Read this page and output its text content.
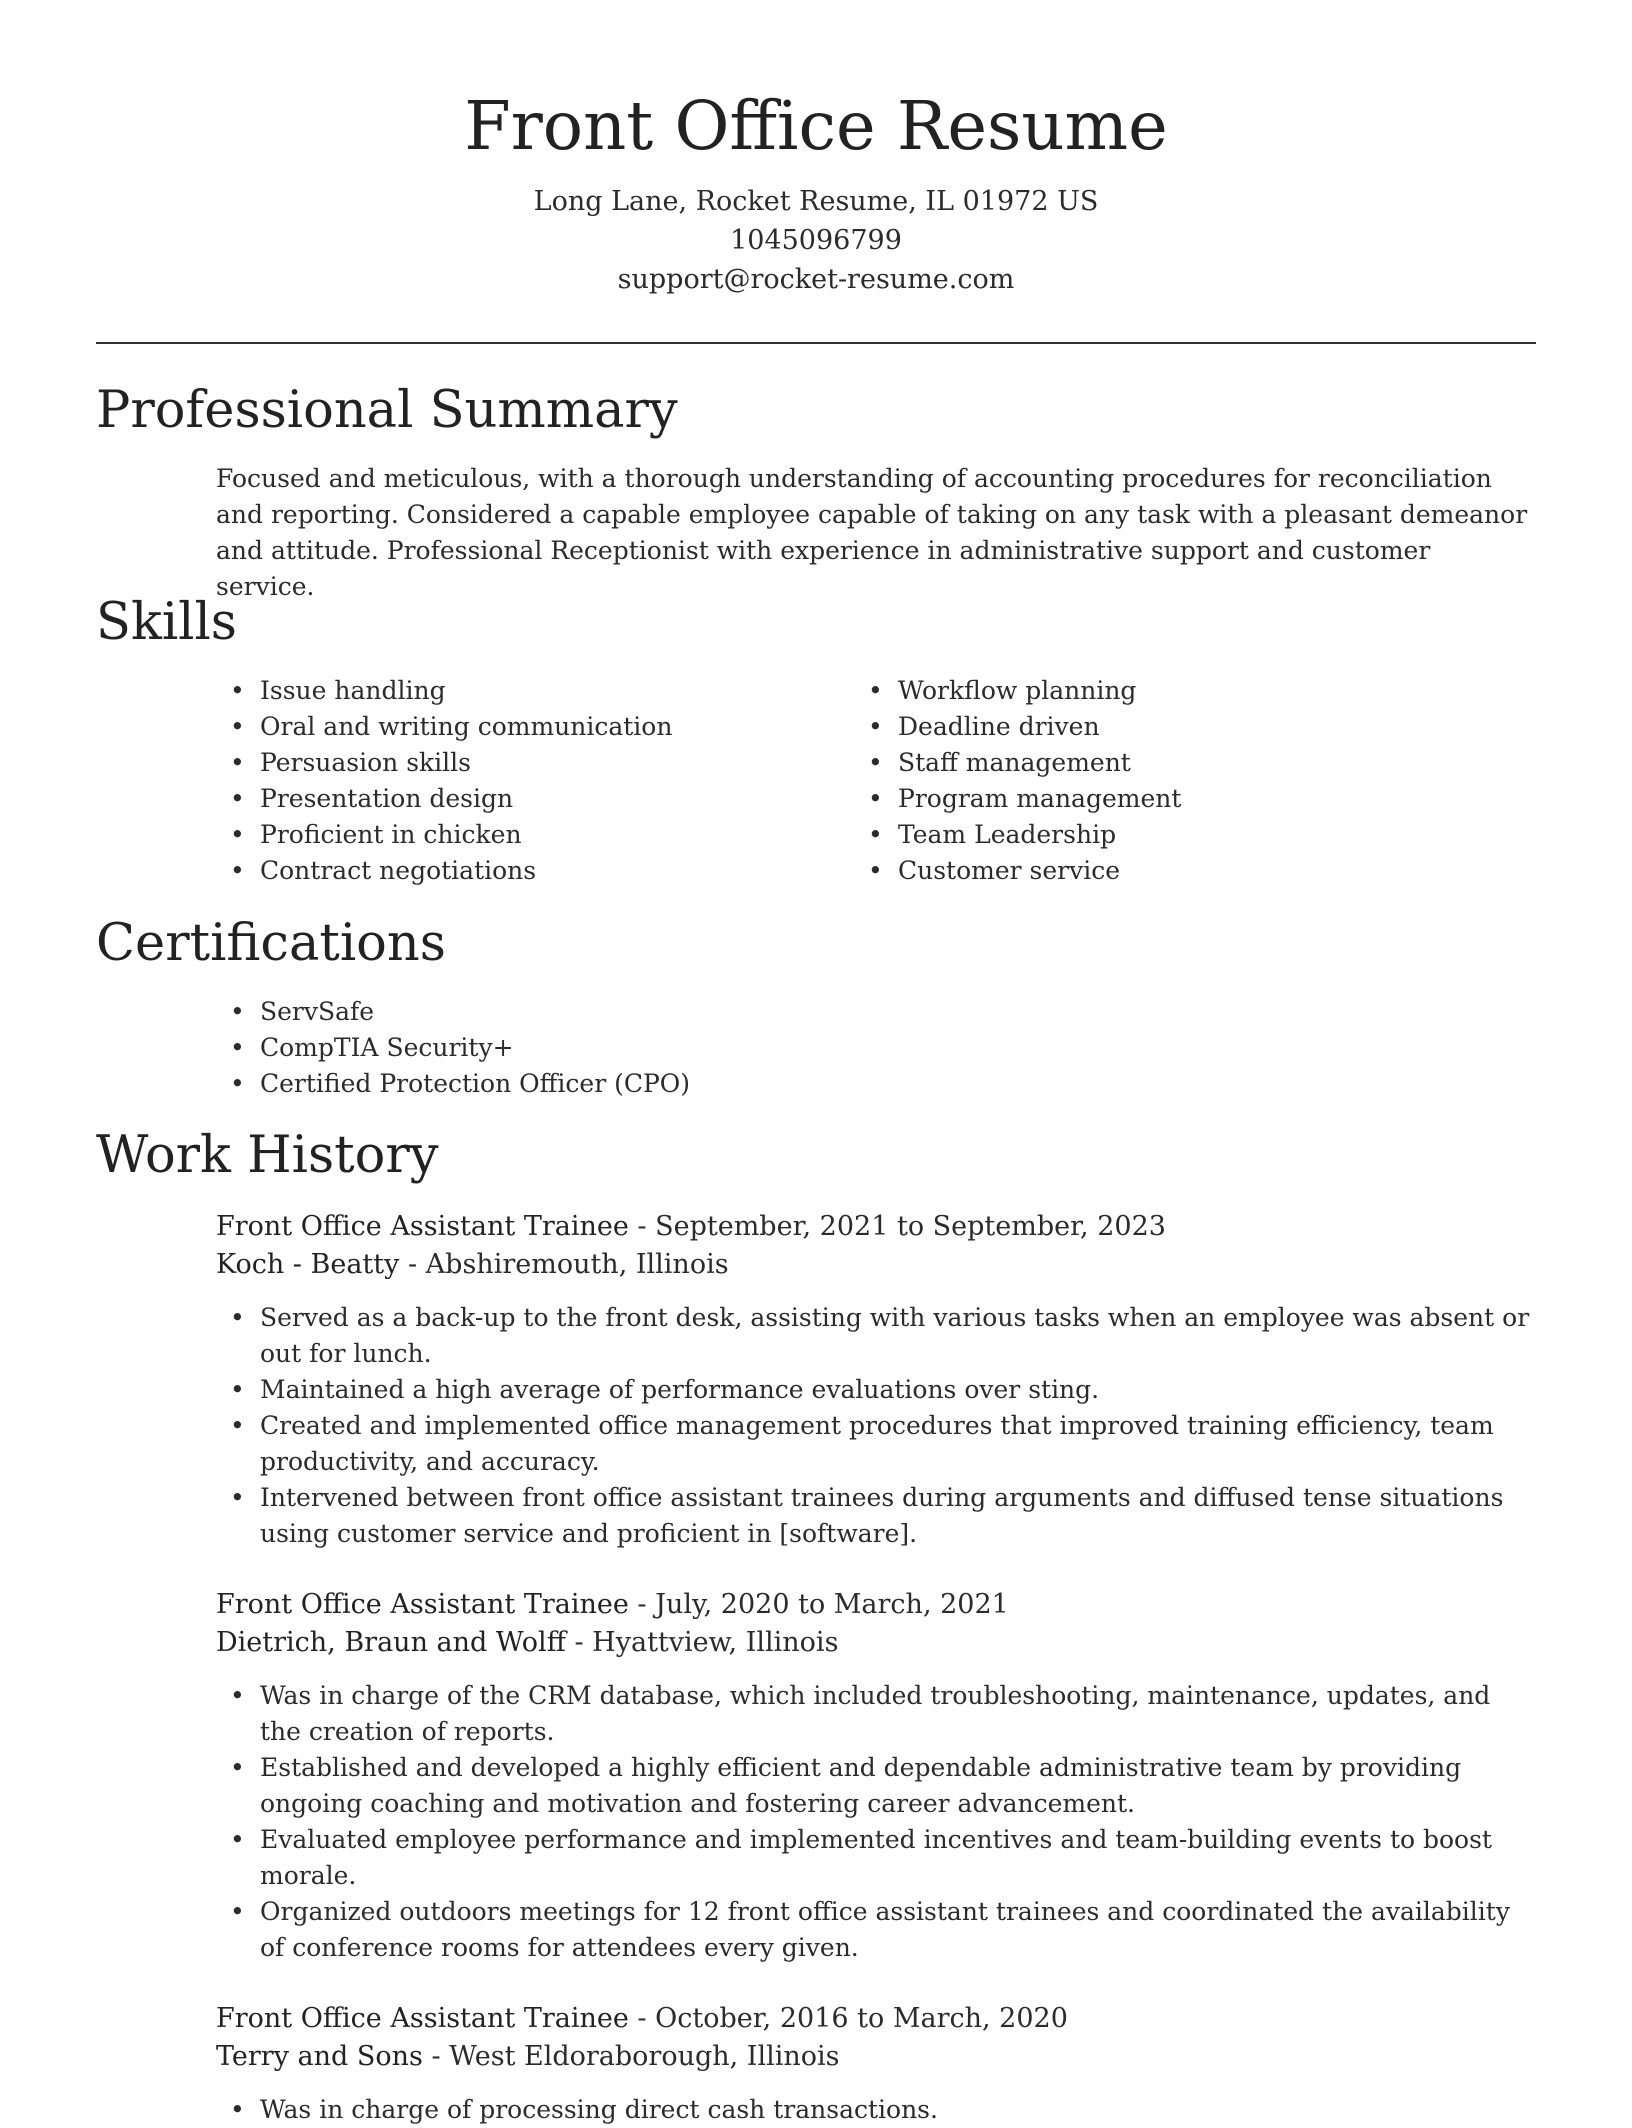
Front Office Resume
Long Lane, Rocket Resume, IL 01972 US
1045096799
support@rocket-resume.com
Professional Summary

Focused and meticulous, with a thorough understanding of accounting procedures for reconciliation and reporting. Considered a capable employee capable of taking on any task with a pleasant demeanor and attitude. Professional Receptionist with experience in administrative support and customer service.

Skills
• Issue handling
• Oral and writing communication
• Persuasion skills
• Presentation design
• Proficient in chicken
• Contract negotiations
• Workflow planning
• Deadline driven
• Staff management
• Program management
• Team Leadership
• Customer service
Certifications
• ServSafe
• CompTIA Security+
• Certified Protection Officer (CPO)
Work History
Front Office Assistant Trainee - September, 2021 to September, 2023
Koch - Beatty - Abshiremouth, Illinois
• Served as a back-up to the front desk, assisting with various tasks when an employee was absent or out for lunch.
• Maintained a high average of performance evaluations over sting.
• Created and implemented office management procedures that improved training efficiency, team productivity, and accuracy.
• Intervened between front office assistant trainees during arguments and diffused tense situations using customer service and proficient in [software].
Front Office Assistant Trainee - July, 2020 to March, 2021
Dietrich, Braun and Wolff - Hyattview, Illinois
• Was in charge of the CRM database, which included troubleshooting, maintenance, updates, and the creation of reports.
• Established and developed a highly efficient and dependable administrative team by providing ongoing coaching and motivation and fostering career advancement.
• Evaluated employee performance and implemented incentives and team-building events to boost morale.
• Organized outdoors meetings for 12 front office assistant trainees and coordinated the availability of conference rooms for attendees every given.
Front Office Assistant Trainee - October, 2016 to March, 2020
Terry and Sons - West Eldoraborough, Illinois
• Was in charge of processing direct cash transactions.
